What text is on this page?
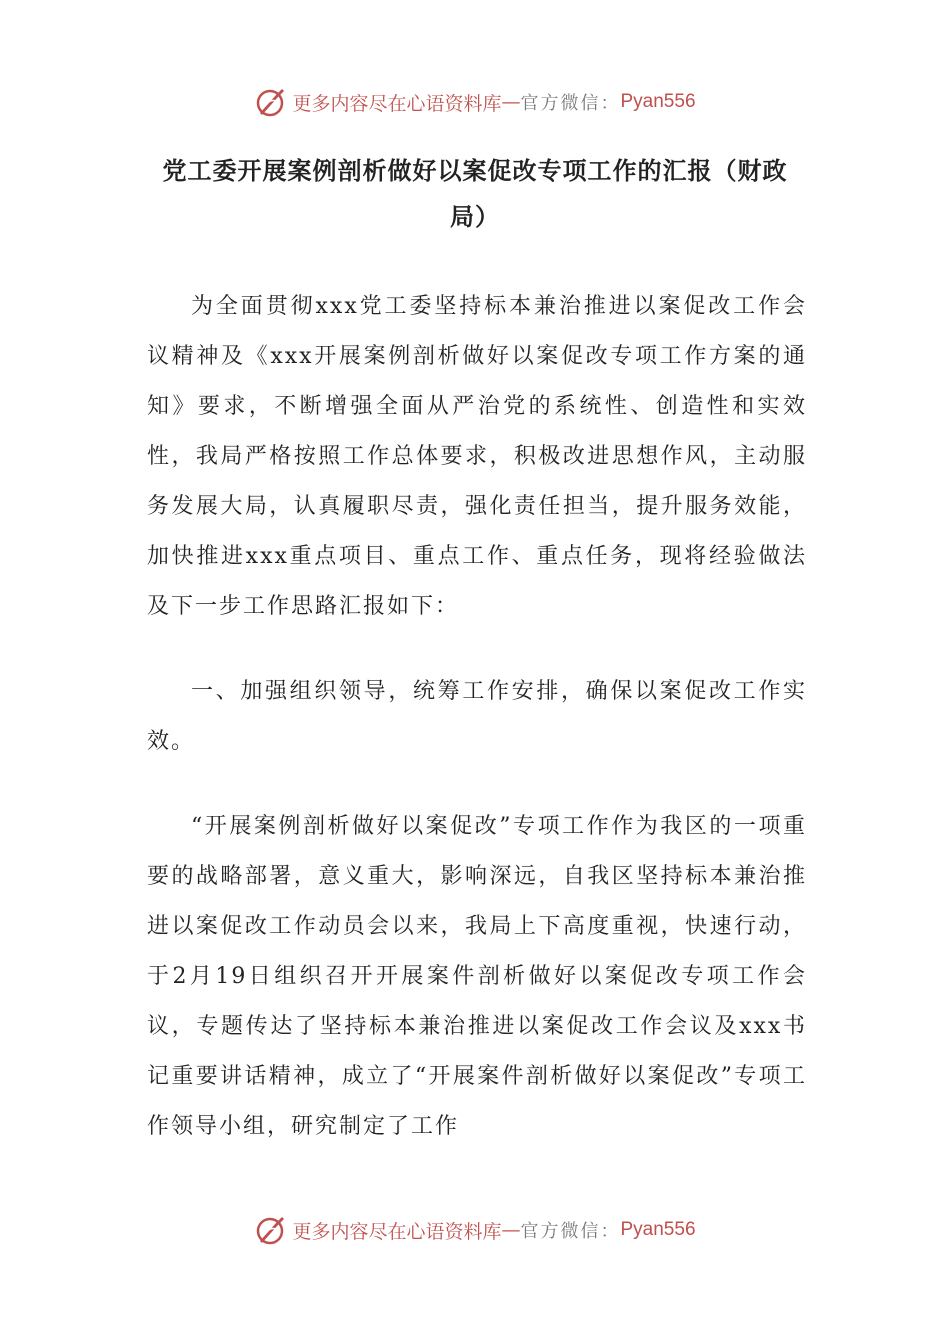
更多内容尽在心语资料库 — 官方微信： Pyan556
党工委开展案例剖析做好以案促改专项工作的汇报（财政局）

为全面贯彻xxx党工委坚持标本兼治推进以案促改工作会议精神及《xxx开展案例剖析做好以案促改专项工作方案的通知》要求，不断增强全面从严治党的系统性、创造性和实效性，我局严格按照工作总体要求，积极改进思想作风，主动服务发展大局，认真履职尽责，强化责任担当，提升服务效能，加快推进xxx重点项目、重点工作、重点任务，现将经验做法及下一步工作思路汇报如下：

一、加强组织领导，统筹工作安排，确保以案促改工作实效。

“开展案例剖析做好以案促改”专项工作作为我区的一项重要的战略部署，意义重大，影响深远，自我区坚持标本兼治推进以案促改工作动员会以来，我局上下高度重视，快速行动，于2月19日组织召开开展案件剖析做好以案促改专项工作会议，专题传达了坚持标本兼治推进以案促改工作会议及xxx书记重要讲话精神，成立了“开展案件剖析做好以案促改”专项工作领导小组，研究制定了工作

更多内容尽在心语资料库 — 官方微信： Pyan556
